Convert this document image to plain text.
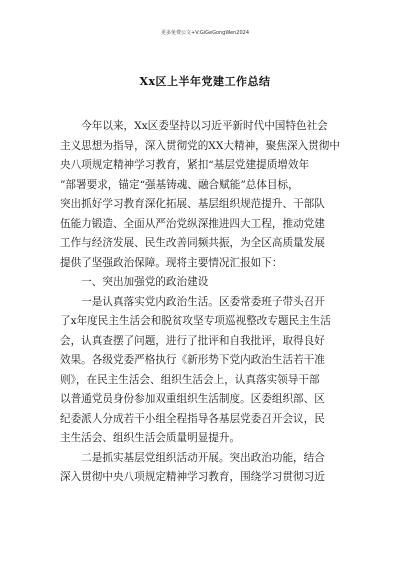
更多免费公文+V:GiGeGongWen2024
Xx区上半年党建工作总结
　　今年以来，Xx区委坚持以习近平新时代中国特色社会
主义思想为指导，深入贯彻党的XX大精神，聚焦深入贯彻中
央八项规定精神学习教育，紧扣“基层党建提质增效年
”部署要求，锚定“强基铸魂、融合赋能”总体目标，
突出抓好学习教育深化拓展、基层组织规范提升、干部队
伍能力锻造、全面从严治党纵深推进四大工程，推动党建
工作与经济发展、民生改善同频共振，为全区高质量发展
提供了坚强政治保障。现将主要情况汇报如下：
　　一、突出加强党的政治建设
　　一是认真落实党内政治生活。区委常委班子带头召开
了x年度民主生活会和脱贫攻坚专项巡视整改专题民主生活
会，认真查摆了问题，进行了批评和自我批评，取得良好
效果。各级党委严格执行《新形势下党内政治生活若干准
则》，在民主生活会、组织生活会上，认真落实领导干部
以普通党员身份参加双重组织生活制度。区委组织部、区
纪委派人分成若干小组全程指导各基层党委召开会议，民
主生活会、组织生活会质量明显提升。
　　二是抓实基层党组织活动开展。突出政治功能，结合
深入贯彻中央八项规定精神学习教育，围绕学习贯彻习近
